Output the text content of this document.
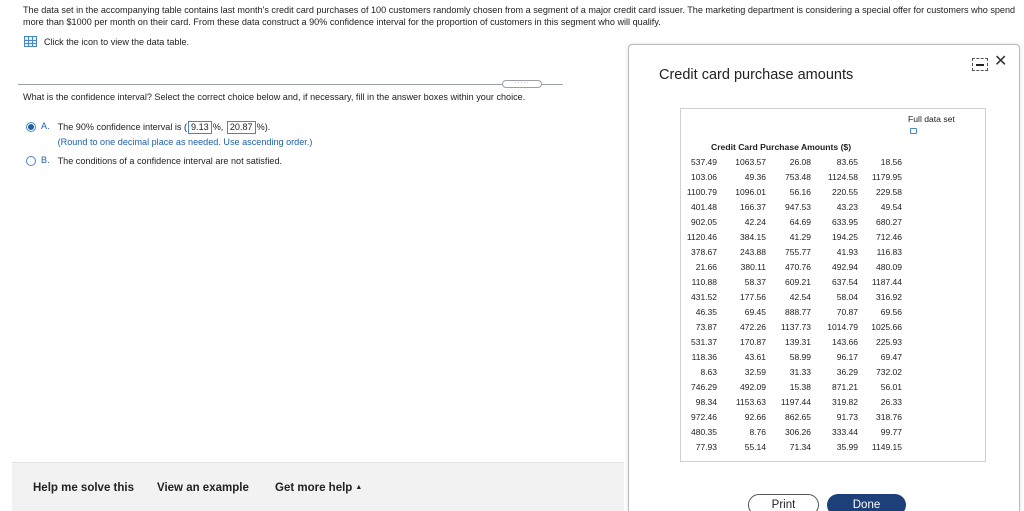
The data set in the accompanying table contains last month's credit card purchases of 100 customers randomly chosen from a segment of a major credit card issuer. The marketing department is considering a special offer for customers who spend more than $1000 per month on their card. From these data construct a 90% confidence interval for the proportion of customers in this segment who will qualify.

Click the icon to view the data table.
·····

What is the confidence interval? Select the correct choice below and, if necessary, fill in the answer boxes within your choice.

A. The 90% confidence interval is ( 9.13 %, 20.87 %).
(Round to one decimal place as needed. Use ascending order.)
B. The conditions of a confidence interval are not satisfied.
Help me solve this View an example Get more help ▲
Credit card purchase amounts
✕
Full data set
Credit Card Purchase Amounts ($)
537.49	1063.57	26.08	83.65	18.56
103.06	49.36	753.48	1124.58	1179.95
1100.79	1096.01	56.16	220.55	229.58
401.48	166.37	947.53	43.23	49.54
902.05	42.24	64.69	633.95	680.27
1120.46	384.15	41.29	194.25	712.46
378.67	243.88	755.77	41.93	116.83
21.66	380.11	470.76	492.94	480.09
110.88	58.37	609.21	637.54	1187.44
431.52	177.56	42.54	58.04	316.92
46.35	69.45	888.77	70.87	69.56
73.87	472.26	1137.73	1014.79	1025.66
531.37	170.87	139.31	143.66	225.93
118.36	43.61	58.99	96.17	69.47
8.63	32.59	31.33	36.29	732.02
746.29	492.09	15.38	871.21	56.01
98.34	1153.63	1197.44	319.82	26.33
972.46	92.66	862.65	91.73	318.76
480.35	8.76	306.26	333.44	99.77
77.93	55.14	71.34	35.99	1149.15
Print	Done
